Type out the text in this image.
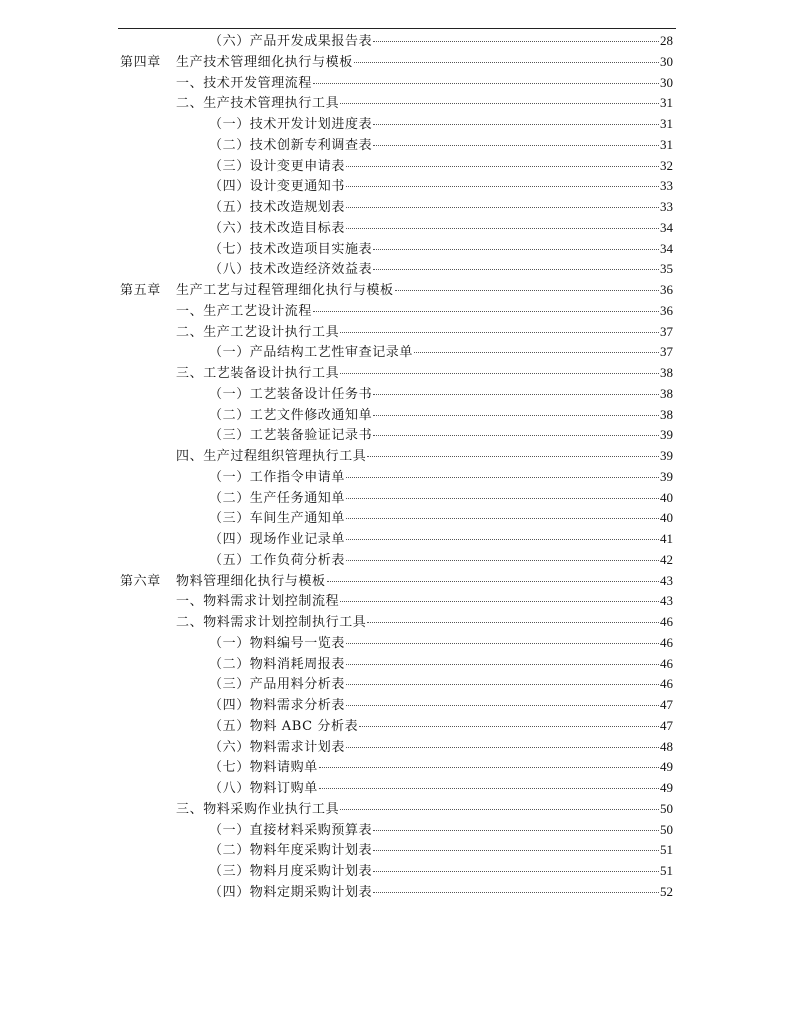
（六）产品开发成果报告表	28
第四章	生产技术管理细化执行与模板	30
一、技术开发管理流程	30
二、生产技术管理执行工具	31
（一）技术开发计划进度表	31
（二）技术创新专利调查表	31
（三）设计变更申请表	32
（四）设计变更通知书	33
（五）技术改造规划表	33
（六）技术改造目标表	34
（七）技术改造项目实施表	34
（八）技术改造经济效益表	35
第五章	生产工艺与过程管理细化执行与模板	36
一、生产工艺设计流程	36
二、生产工艺设计执行工具	37
（一）产品结构工艺性审查记录单	37
三、工艺装备设计执行工具	38
（一）工艺装备设计任务书	38
（二）工艺文件修改通知单	38
（三）工艺装备验证记录书	39
四、生产过程组织管理执行工具	39
（一）工作指令申请单	39
（二）生产任务通知单	40
（三）车间生产通知单	40
（四）现场作业记录单	41
（五）工作负荷分析表	42
第六章	物料管理细化执行与模板	43
一、物料需求计划控制流程	43
二、物料需求计划控制执行工具	46
（一）物料编号一览表	46
（二）物料消耗周报表	46
（三）产品用料分析表	46
（四）物料需求分析表	47
（五）物料 ABC 分析表	47
（六）物料需求计划表	48
（七）物料请购单	49
（八）物料订购单	49
三、物料采购作业执行工具	50
（一）直接材料采购预算表	50
（二）物料年度采购计划表	51
（三）物料月度采购计划表	51
（四）物料定期采购计划表	52
